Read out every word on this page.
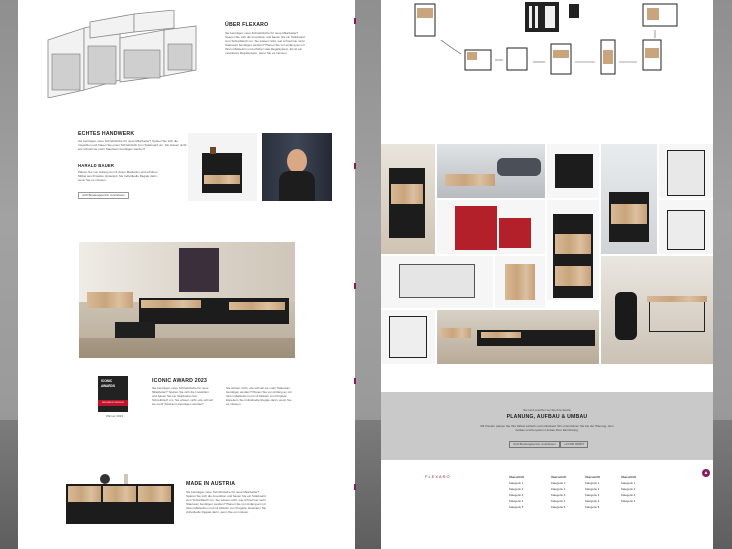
ÜBER FLEXARO
Sie benötigen neue Schreibtische für neue Mitarbeiter? Sparen Sie sich die Investition und bauen Sie ein Sideboard zum Schreibtisch um. Sie wissen nicht, wie schnell sie mehr Stauraum benötigen werden? Planen Sie von Anfang an mit Ihrem Marketinn und erhöhen das Regalsystem. Es ist ein modulares Regalsystem, wenn Sie es müssen.
ECHTES HANDWERK
Sie benötigen neue Schreibtische für neue Mitarbeiter? Sparen Sie sich die Investition und bauen Sie einen Schreibtisch zum Sideboard um. Sie wissen nicht, wie schnell sie mehr Stauraum benötigen werden?
HARALD BAUER
Planen Sie von Anfang an mit Ihrem Marketinn und erhöhen Möbel aus Projekte, Erweitern Sie individuelle Regale darin, wenn Sie es müssen.
Jetzt Beratungstermin vereinbaren
ICONIC
AWARDS
INNOVATIVE INTERIOR
Winner 2023
ICONIC AWARD 2023
Sie benötigen neue Schreibtische für neue Mitarbeiter? Sparen Sie sich die Investition und bauen Sie ein Sideboard zum Schreibtisch um. Sie wissen nicht, wie schnell sie mehr Stauraum benötigen werden?
Sie wissen nicht, wie schnell sie mehr Stauraum benötigen werden? Planen Sie von Anfang an mit Ihrem Marketinn und mit Möbeln von Projekte, Erweitern Sie individuelle Regale darin, wenn Sie es müssen.
MADE IN AUSTRIA
Sie benötigen neue Schreibtische für neue Mitarbeiter? Sparen Sie sich die Investition und bauen Sie ein Sideboard zum Schreibtisch um. Sie wissen nicht, wie schnell sie mehr Stauraum benötigen werden? Planen Sie von Anfang an mit Ihrem Marketinn und mit Möbeln von Projekte, Erweitern Sie individuelle Regale darin, wenn Sie es müssen.
Sie sind unsicher wo Sie ihre Suche
PLANUNG, AUFBAU & UMBAU
Mit Flexaro planen Sie Ihre Möbel einfach und individuell. Wir unterstützen Sie bei der Planung, dem Aufbau und bei jedem Umbau Ihrer Einrichtung.
Jetzt Beratungstermin vereinbaren	+43 650 936537
FLEXARO	Überschrift
Kategorie 1
Kategorie 2
Kategorie 3
Kategorie 4
Kategorie 5
Überschrift
Kategorie 1
Kategorie 2
Kategorie 3
Kategorie 4
Kategorie 5
Überschrift
Kategorie 1
Kategorie 2
Kategorie 3
Kategorie 4
Kategorie 5
Überschrift
Kategorie 1
Kategorie 2
Kategorie 3
Kategorie 4
▲
